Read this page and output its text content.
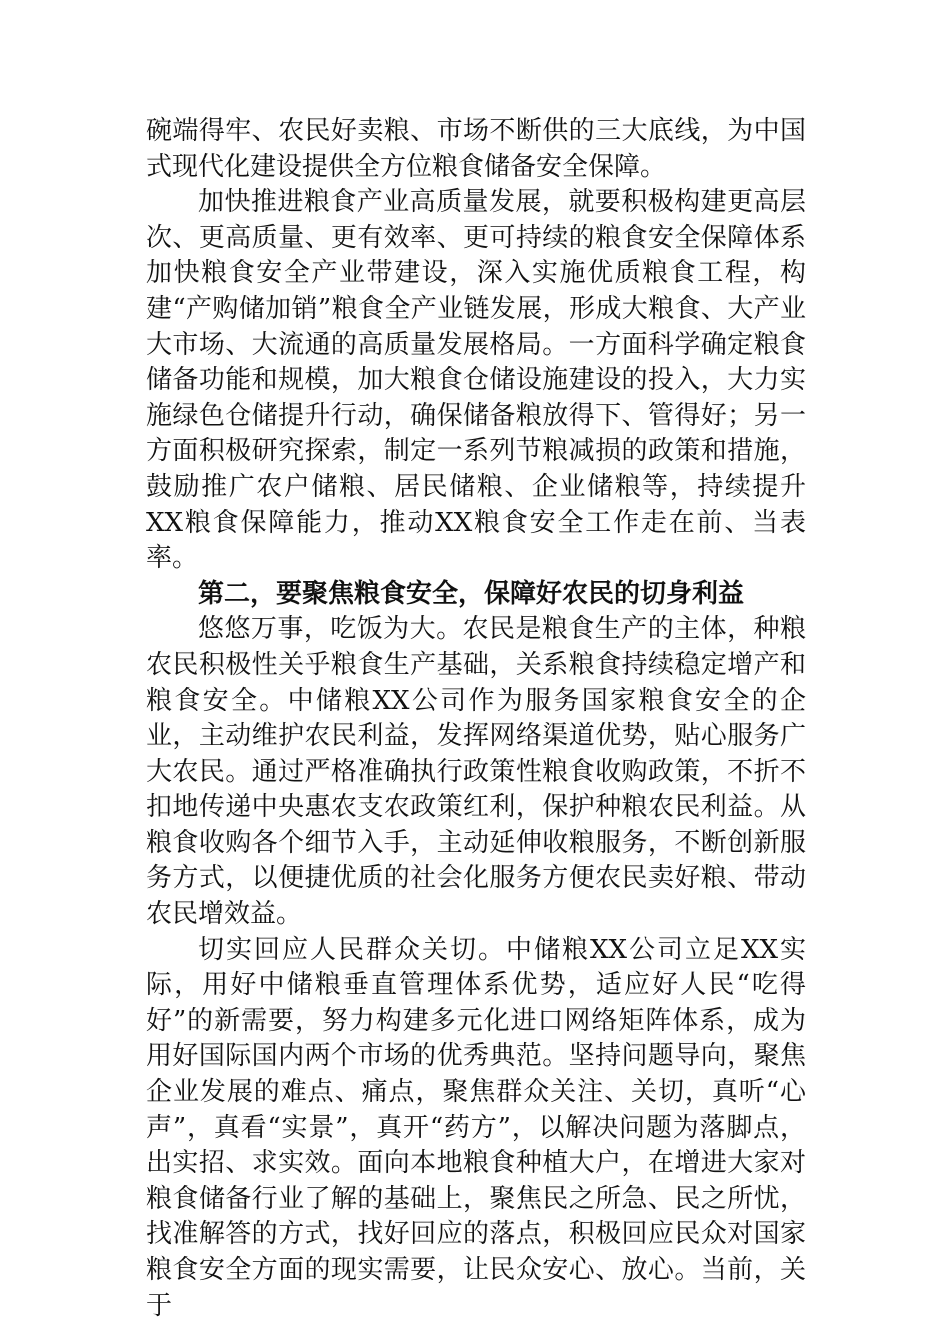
碗端得牢、农民好卖粮、市场不断供的三大底线，为中国式现代化建设提供全方位粮食储备安全保障。

加快推进粮食产业高质量发展，就要积极构建更高层次、更高质量、更有效率、更可持续的粮食安全保障体系加快粮食安全产业带建设，深入实施优质粮食工程，构建“产购储加销”粮食全产业链发展，形成大粮食、大产业大市场、大流通的高质量发展格局。一方面科学确定粮食储备功能和规模，加大粮食仓储设施建设的投入，大力实施绿色仓储提升行动，确保储备粮放得下、管得好；另一方面积极研究探索，制定一系列节粮减损的政策和措施，鼓励推广农户储粮、居民储粮、企业储粮等，持续提升XX粮食保障能力，推动XX粮食安全工作走在前、当表率。

第二，要聚焦粮食安全，保障好农民的切身利益

悠悠万事，吃饭为大。农民是粮食生产的主体，种粮农民积极性关乎粮食生产基础，关系粮食持续稳定增产和粮食安全。中储粮XX公司作为服务国家粮食安全的企业，主动维护农民利益，发挥网络渠道优势，贴心服务广大农民。通过严格准确执行政策性粮食收购政策，不折不扣地传递中央惠农支农政策红利，保护种粮农民利益。从粮食收购各个细节入手，主动延伸收粮服务，不断创新服务方式，以便捷优质的社会化服务方便农民卖好粮、带动农民增效益。

切实回应人民群众关切。中储粮XX公司立足XX实际，用好中储粮垂直管理体系优势，适应好人民“吃得好”的新需要，努力构建多元化进口网络矩阵体系，成为用好国际国内两个市场的优秀典范。坚持问题导向，聚焦企业发展的难点、痛点，聚焦群众关注、关切，真听“心声”，真看“实景”，真开“药方”，以解决问题为落脚点，出实招、求实效。面向本地粮食种植大户，在增进大家对粮食储备行业了解的基础上，聚焦民之所急、民之所忧，找准解答的方式，找好回应的落点，积极回应民众对国家粮食安全方面的现实需要，让民众安心、放心。当前，关于
